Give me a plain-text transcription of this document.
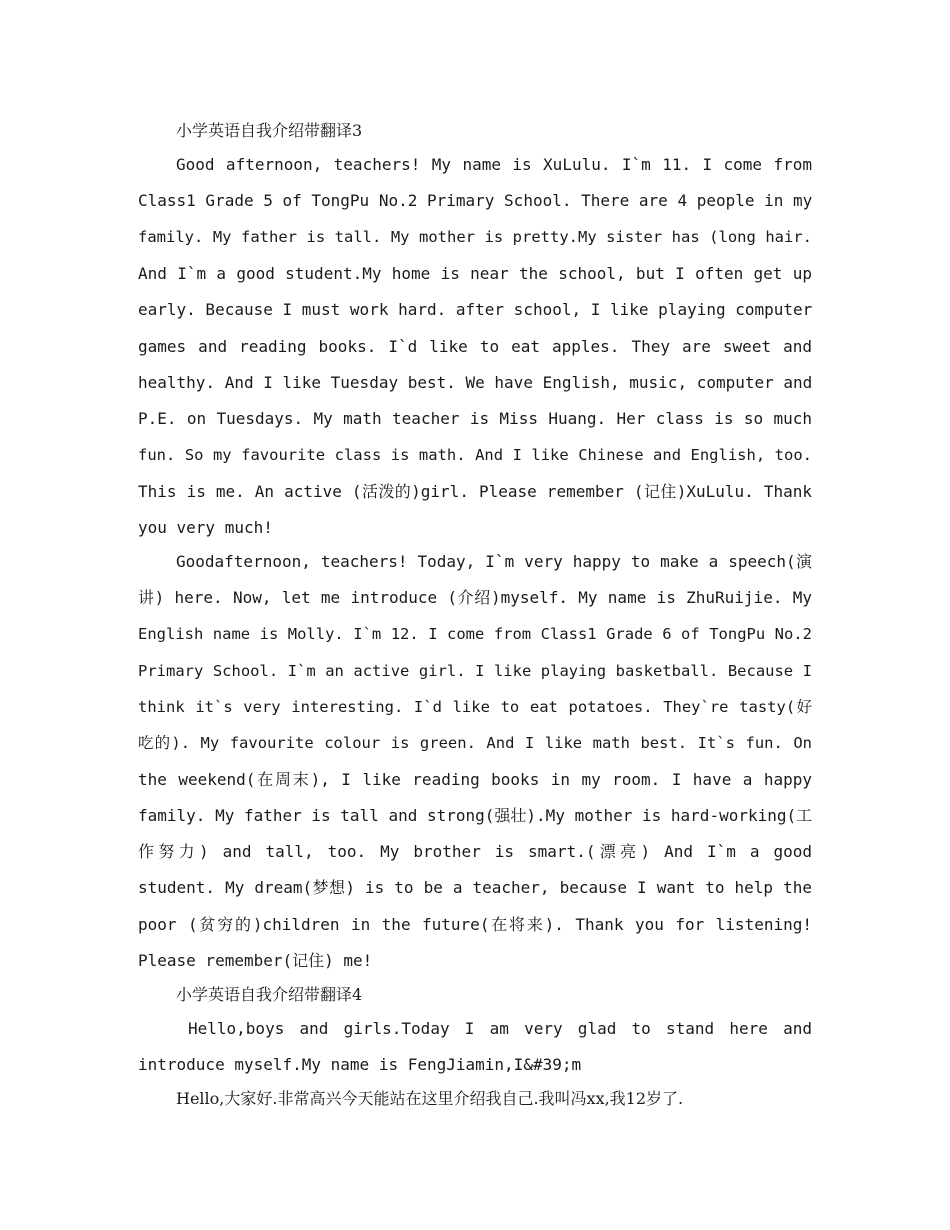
小学英语自我介绍带翻译3
Good afternoon, teachers! My name is XuLulu. I`m 11. I come from
Class1 Grade 5 of TongPu No.2 Primary School. There are 4 people in my
family. My father is tall. My mother is pretty.My sister has (long hair.
And I`m a good student.My home is near the school, but I often get up
early. Because I must work hard. after school, I like playing computer
games and reading books. I`d like to eat apples. They are sweet and
healthy. And I like Tuesday best. We have English, music, computer and
P.E. on Tuesdays. My math teacher is Miss Huang. Her class is so much
fun. So my favourite class is math. And I like Chinese and English, too.
This is me. An active (活泼的)girl. Please remember (记住)XuLulu. Thank
you very much!
Goodafternoon, teachers! Today, I`m very happy to make a speech(演
讲) here. Now, let me introduce (介绍)myself. My name is ZhuRuijie. My
English name is Molly. I`m 12. I come from Class1 Grade 6 of TongPu No.2
Primary School. I`m an active girl. I like playing basketball. Because I
think it`s very interesting. I`d like to eat potatoes. They`re tasty(好
吃的). My favourite colour is green. And I like math best. It`s fun. On
the weekend(在周末), I like reading books in my room. I have a happy
family. My father is tall and strong(强壮).My mother is hard-working(工
作努力) and tall, too. My brother is smart.(漂亮) And I`m a good
student. My dream(梦想) is to be a teacher, because I want to help the
poor (贫穷的)children in the future(在将来). Thank you for listening!
Please remember(记住) me!
小学英语自我介绍带翻译4
Hello,boys and girls.Today I am very glad to stand here and
introduce myself.My name is FengJiamin,I&#39;m
Hello,大家好.非常高兴今天能站在这里介绍我自己.我叫冯xx,我12岁了.
